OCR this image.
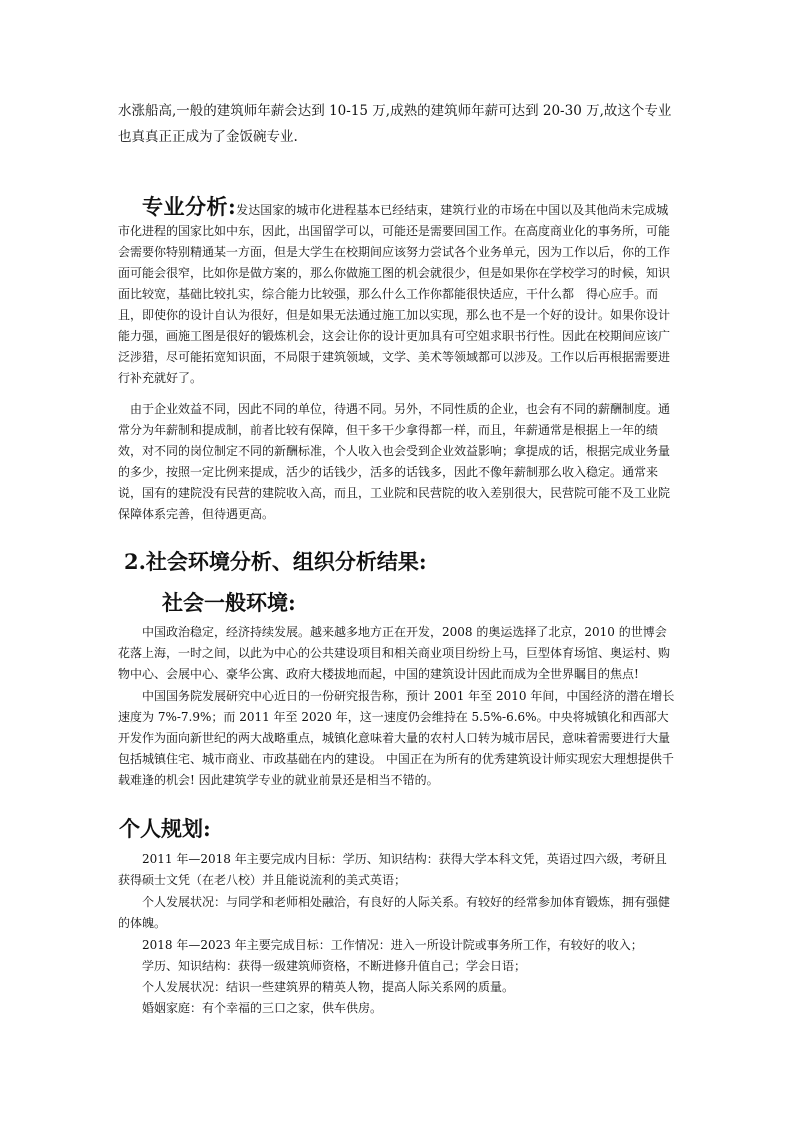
水涨船高,一般的建筑师年薪会达到 10-15 万,成熟的建筑师年薪可达到 20-30 万,故这个专业也真真正正成为了金饭碗专业.

专业分析:发达国家的城市化进程基本已经结束，建筑行业的市场在中国以及其他尚未完成城市化进程的国家比如中东，因此，出国留学可以，可能还是需要回国工作。在高度商业化的事务所，可能会需要你特别精通某一方面，但是大学生在校期间应该努力尝试各个业务单元，因为工作以后，你的工作面可能会很窄，比如你是做方案的，那么你做施工图的机会就很少，但是如果你在学校学习的时候，知识面比较宽，基础比较扎实，综合能力比较强，那么什么工作你都能很快适应，干什么都　得心应手。而且，即使你的设计自认为很好，但是如果无法通过施工加以实现，那么也不是一个好的设计。如果你设计能力强，画施工图是很好的锻炼机会，这会让你的设计更加具有可空姐求职书行性。因此在校期间应该广泛涉猎，尽可能拓宽知识面，不局限于建筑领域，文学、美术等领域都可以涉及。工作以后再根据需要进行补充就好了。

由于企业效益不同，因此不同的单位，待遇不同。另外，不同性质的企业，也会有不同的薪酬制度。通常分为年薪制和提成制，前者比较有保障，但干多干少拿得都一样，而且，年薪通常是根据上一年的绩效，对不同的岗位制定不同的新酬标准，个人收入也会受到企业效益影响；拿提成的话，根据完成业务量的多少，按照一定比例来提成，活少的话钱少，活多的话钱多，因此不像年薪制那么收入稳定。通常来说，国有的建院没有民营的建院收入高，而且，工业院和民营院的收入差别很大，民营院可能不及工业院保障体系完善，但待遇更高。

2.社会环境分析、组织分析结果:
社会一般环境:

中国政治稳定，经济持续发展。越来越多地方正在开发，2008 的奥运选择了北京，2010 的世博会花落上海，一时之间，以此为中心的公共建设项目和相关商业项目纷纷上马，巨型体育场馆、奥运村、购物中心、会展中心、豪华公寓、政府大楼拔地而起，中国的建筑设计因此而成为全世界瞩目的焦点!

中国国务院发展研究中心近日的一份研究报告称，预计 2001 年至 2010 年间，中国经济的潜在增长速度为 7%-7.9%；而 2011 年至 2020 年，这一速度仍会维持在 5.5%-6.6%。中央将城镇化和西部大开发作为面向新世纪的两大战略重点，城镇化意味着大量的农村人口转为城市居民，意味着需要进行大量包括城镇住宅、城市商业、市政基础在内的建设。 中国正在为所有的优秀建筑设计师实现宏大理想提供千载难逢的机会! 因此建筑学专业的就业前景还是相当不错的。

个人规划:

2011 年—2018 年主要完成内目标：学历、知识结构：获得大学本科文凭，英语过四六级，考研且获得硕士文凭（在老八校）并且能说流利的美式英语；

个人发展状况：与同学和老师相处融洽，有良好的人际关系。有较好的经常参加体育锻炼，拥有强健的体魄。

2018 年—2023 年主要完成目标：工作情况：进入一所设计院或事务所工作，有较好的收入；

学历、知识结构：获得一级建筑师资格，不断进修升值自己；学会日语；

个人发展状况：结识一些建筑界的精英人物，提高人际关系网的质量。

婚姻家庭：有个幸福的三口之家，供车供房。
